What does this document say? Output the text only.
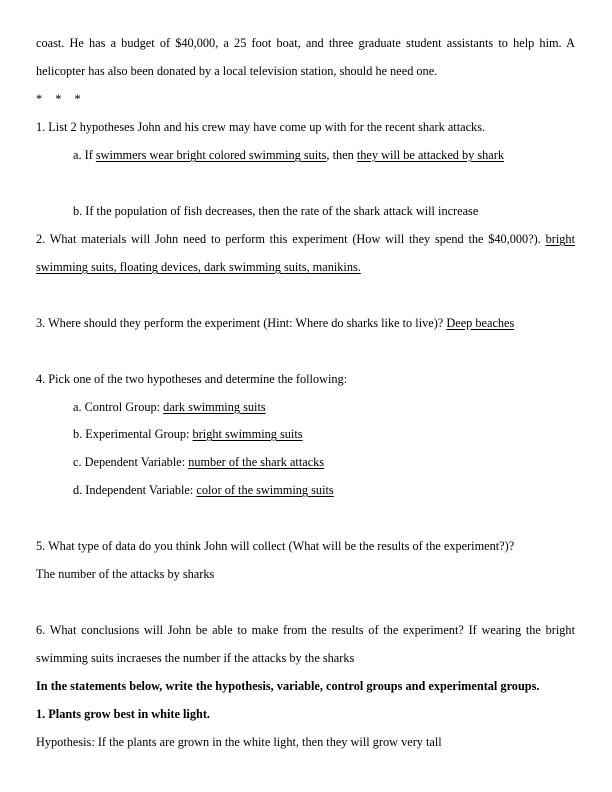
coast. He has a budget of $40,000, a 25 foot boat, and three graduate student assistants to help him. A
helicopter has also been donated by a local television station, should he need one.
* * *
1. List 2 hypotheses John and his crew may have come up with for the recent shark attacks.
a. If swimmers wear bright colored swimming suits, then they will be attacked by shark
b. If the population of fish decreases, then the rate of the shark attack will increase
2. What materials will John need to perform this experiment (How will they spend the $40,000?). bright
swimming suits, floating devices, dark swimming suits, manikins.
3. Where should they perform the experiment (Hint: Where do sharks like to live)? Deep beaches
4. Pick one of the two hypotheses and determine the following:
a. Control Group: dark swimming suits
b. Experimental Group: bright swimming suits
c. Dependent Variable: number of the shark attacks
d. Independent Variable: color of the swimming suits
5. What type of data do you think John will collect (What will be the results of the experiment?)?
The number of the attacks by sharks
6. What conclusions will John be able to make from the results of the experiment? If wearing the bright
swimming suits incraeses the number if the attacks by the sharks
In the statements below, write the hypothesis, variable, control groups and experimental groups.
1. Plants grow best in white light.
Hypothesis: If the plants are grown in the white light, then they will grow very tall
